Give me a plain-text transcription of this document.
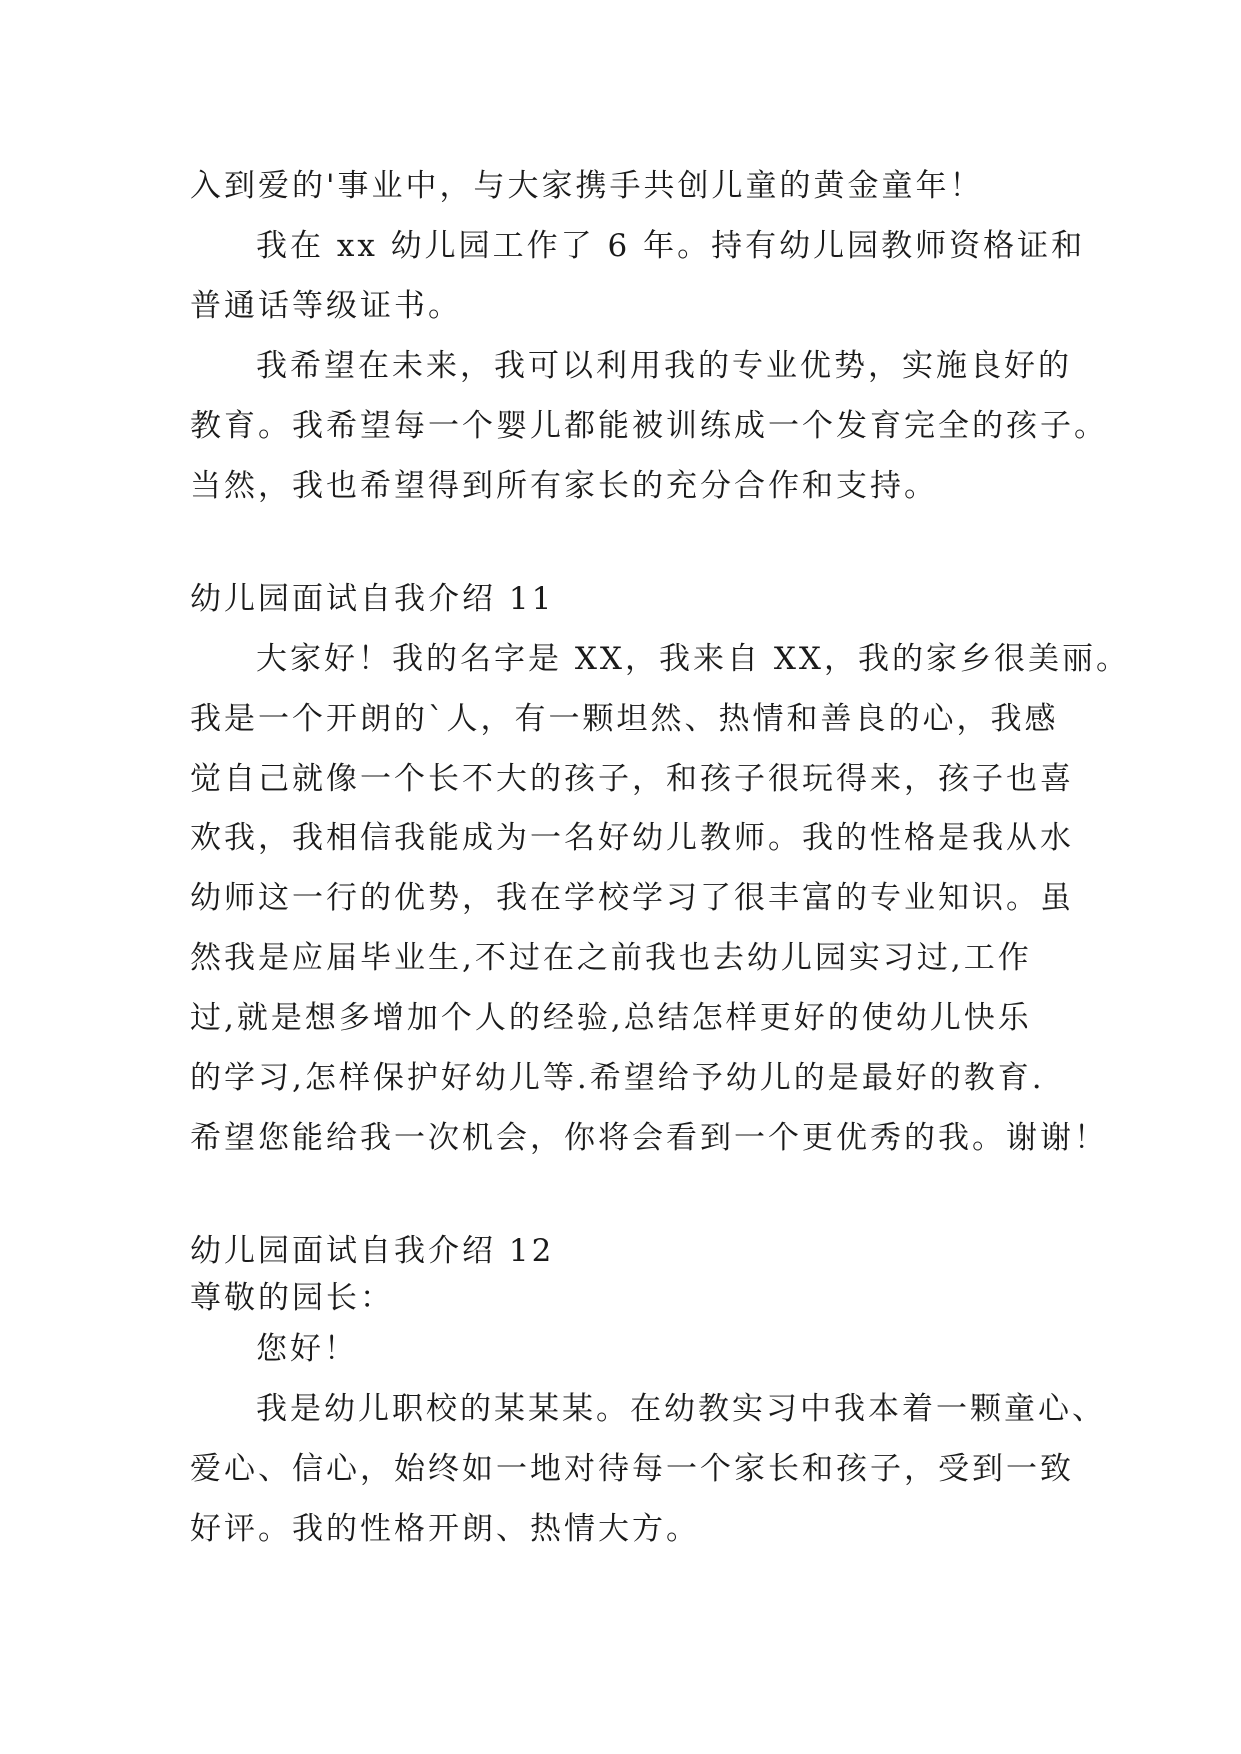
入到爱的'事业中，与大家携手共创儿童的黄金童年！
我在 xx 幼儿园工作了 6 年。持有幼儿园教师资格证和
普通话等级证书。
我希望在未来，我可以利用我的专业优势，实施良好的
教育。我希望每一个婴儿都能被训练成一个发育完全的孩子。
当然，我也希望得到所有家长的充分合作和支持。
幼儿园面试自我介绍 11
大家好！我的名字是 XX，我来自 XX，我的家乡很美丽。
我是一个开朗的`人，有一颗坦然、热情和善良的心，我感
觉自己就像一个长不大的孩子，和孩子很玩得来，孩子也喜
欢我，我相信我能成为一名好幼儿教师。我的性格是我从水
幼师这一行的优势，我在学校学习了很丰富的专业知识。虽
然我是应届毕业生,不过在之前我也去幼儿园实习过,工作
过,就是想多增加个人的经验,总结怎样更好的使幼儿快乐
的学习,怎样保护好幼儿等.希望给予幼儿的是最好的教育.
希望您能给我一次机会，你将会看到一个更优秀的我。谢谢！
幼儿园面试自我介绍 12
尊敬的园长：
您好！
我是幼儿职校的某某某。在幼教实习中我本着一颗童心、
爱心、信心，始终如一地对待每一个家长和孩子，受到一致
好评。我的性格开朗、热情大方。
